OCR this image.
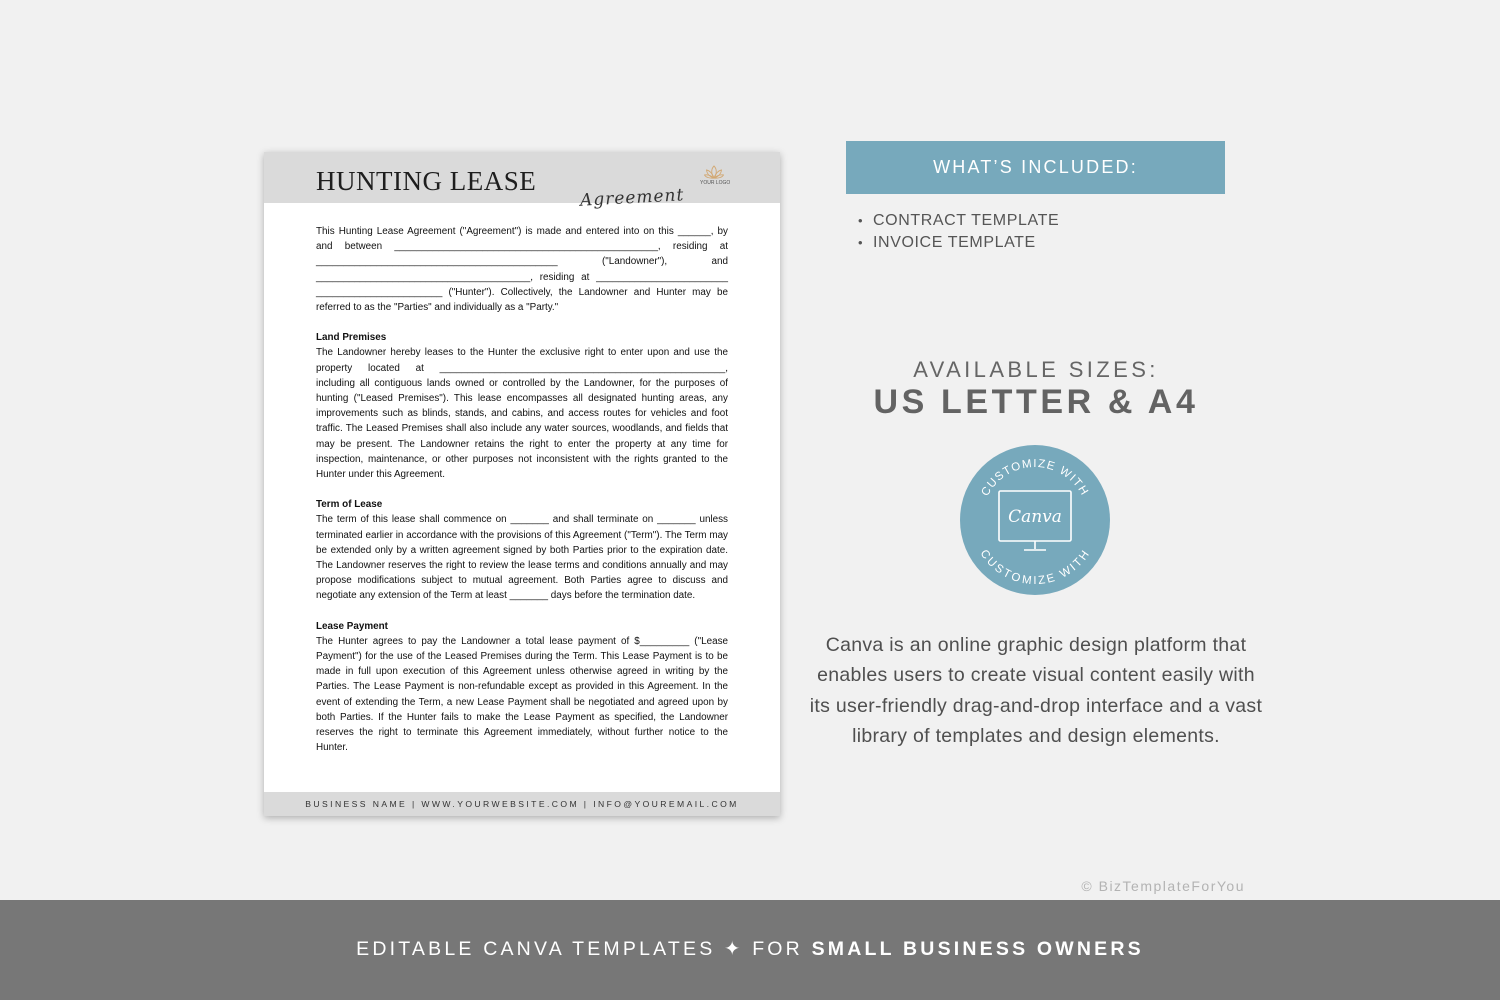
HUNTING LEASE
Agreement
YOUR LOGO

This Hunting Lease Agreement ("Agreement") is made and entered into on this ______, by and between ________________________________________________, residing at ____________________________________________ ("Landowner"), and _______________________________________, residing at ________________________ _______________________ ("Hunter"). Collectively, the Landowner and Hunter may be referred to as the "Parties" and individually as a "Party."

Land Premises

The Landowner hereby leases to the Hunter the exclusive right to enter upon and use the property located at ____________________________________________________, including all contiguous lands owned or controlled by the Landowner, for the purposes of hunting ("Leased Premises"). This lease encompasses all designated hunting areas, any improvements such as blinds, stands, and cabins, and access routes for vehicles and foot traffic. The Leased Premises shall also include any water sources, woodlands, and fields that may be present. The Landowner retains the right to enter the property at any time for inspection, maintenance, or other purposes not inconsistent with the rights granted to the Hunter under this Agreement.

Term of Lease

The term of this lease shall commence on _______ and shall terminate on _______ unless terminated earlier in accordance with the provisions of this Agreement ("Term"). The Term may be extended only by a written agreement signed by both Parties prior to the expiration date. The Landowner reserves the right to review the lease terms and conditions annually and may propose modifications subject to mutual agreement. Both Parties agree to discuss and negotiate any extension of the Term at least _______ days before the termination date.

Lease Payment

The Hunter agrees to pay the Landowner a total lease payment of $_________ ("Lease Payment") for the use of the Leased Premises during the Term. This Lease Payment is to be made in full upon execution of this Agreement unless otherwise agreed in writing by the Parties. The Lease Payment is non-refundable except as provided in this Agreement. In the event of extending the Term, a new Lease Payment shall be negotiated and agreed upon by both Parties. If the Hunter fails to make the Lease Payment as specified, the Landowner reserves the right to terminate this Agreement immediately, without further notice to the Hunter.

BUSINESS NAME | WWW.YOURWEBSITE.COM | INFO@YOUREMAIL.COM
WHAT’S INCLUDED:
• CONTRACT TEMPLATE
• INVOICE TEMPLATE
AVAILABLE SIZES:
US LETTER & A4
CUSTOMIZE WITH
CUSTOMIZE WITH
Canva
Canva is an online graphic design platform that enables users to create visual content easily with its user-friendly drag-and-drop interface and a vast library of templates and design elements.
© BizTemplateForYou
EDITABLE CANVA TEMPLATES ✦ FOR SMALL BUSINESS OWNERS
